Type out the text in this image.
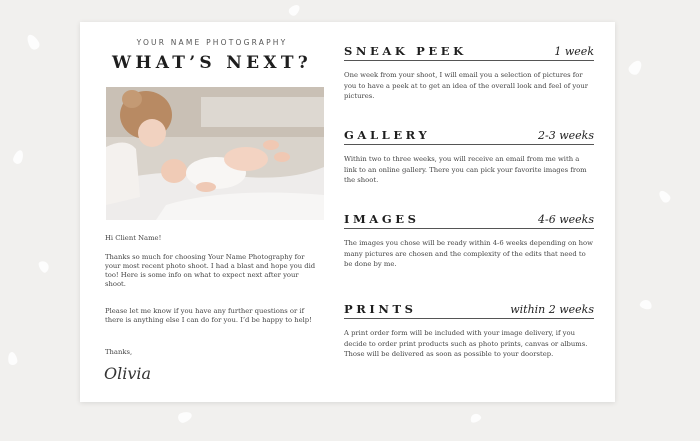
YOUR NAME PHOTOGRAPHY
WHAT’S NEXT?
Hi Client Name!
Thanks so much for choosing Your Name Photography for your most recent photo shoot. I had a blast and hope you did too! Here is some info on what to expect next after your shoot.
Please let me know if you have any further questions or if there is anything else I can do for you. I’d be happy to help!
Thanks,
Olivia
SNEAK PEEK	1 week
One week from your shoot, I will email you a selection of pictures for you to have a peek at to get an idea of the overall look and feel of your pictures.
GALLERY	2-3 weeks
Within two to three weeks, you will receive an email from me with a link to an online gallery. There you can pick your favorite images from the shoot.
IMAGES	4-6 weeks
The images you chose will be ready within 4-6 weeks depending on how many pictures are chosen and the complexity of the edits that need to be done by me.
PRINTS	within 2 weeks
A print order form will be included with your image delivery, if you decide to order print products such as photo prints, canvas or albums. Those will be delivered as soon as possible to your doorstep.
